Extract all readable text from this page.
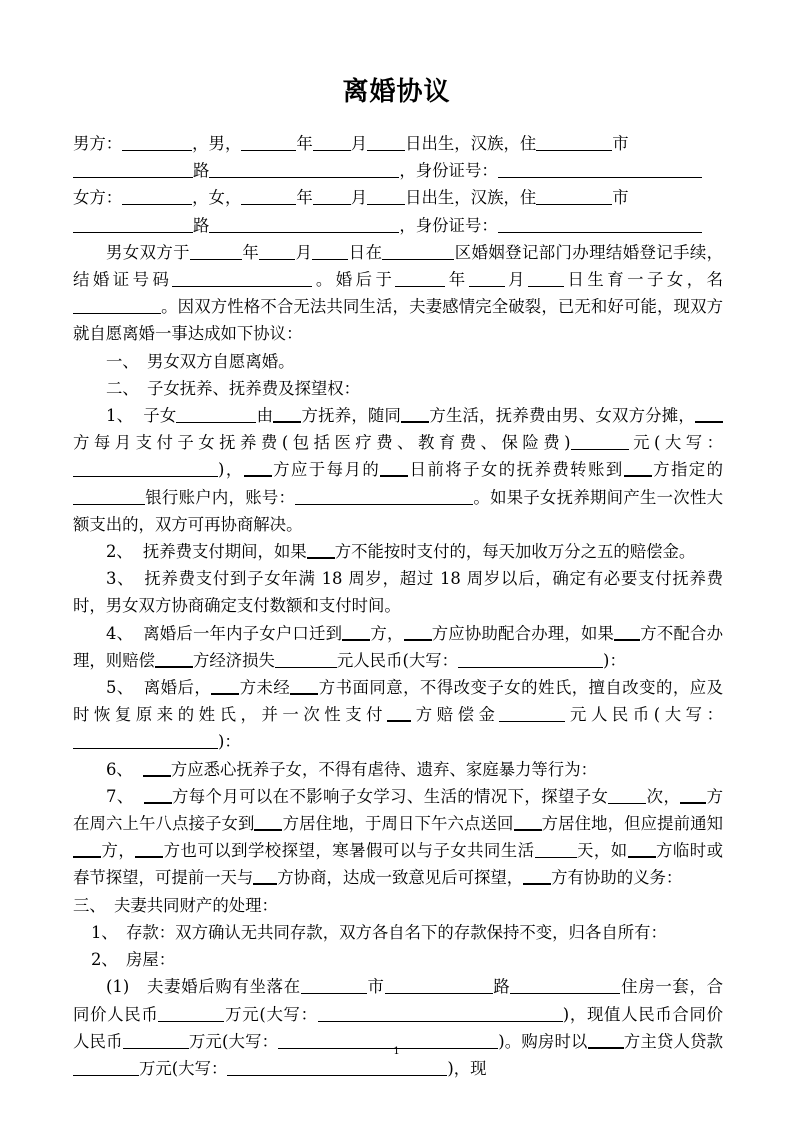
离婚协议

男方：	，男，	年 月 日出生，汉族，住	市
路	，身份证号：

女方：	，女，	年 月 日出生，汉族，住	市
路	，身份证号：

男女双方于	年 月 日在	区婚姻登记部门办理结婚登记手续，结婚证号码	。婚后于	年 月 日生育一子女，名。因双方性格不合无法共同生活，夫妻感情完全破裂，已无和好可能，现双方就自愿离婚一事达成如下协议：

一、　男女双方自愿离婚。

二、　子女抚养、抚养费及探望权：

1、 子女	由 方抚养，随同 方生活，抚养费由男、女双方分摊，方每月支付子女抚养费(包括医疗费、教育费、保险费)	元(大写：)， 方应于每月的 日前将子女的抚养费转账到 方指定的银行账户内，账号：	。如果子女抚养期间产生一次性大额支出的，双方可再协商解决。

2、 抚养费支付期间，如果 方不能按时支付的，每天加收万分之五的赔偿金。

3、 抚养费支付到子女年满 18 周岁，超过 18 周岁以后，确定有必要支付抚养费时，男女双方协商确定支付数额和支付时间。

4、 离婚后一年内子女户口迁到 方， 方应协助配合办理，如果 方不配合办理，则赔偿 方经济损失	元人民币(大写：	)：

5、 离婚后， 方未经 方书面同意，不得改变子女的姓氏，擅自改变的，应及时恢复原来的姓氏，并一次性支付 方赔偿金	元人民币(大写：)：

6、 方应悉心抚养子女，不得有虐待、遗弃、家庭暴力等行为：

7、 方每个月可以在不影响子女学习、生活的情况下，探望子女 次， 方在周六上午八点接子女到 方居住地，于周日下午六点送回 方居住地，但应提前通知方， 方也可以到学校探望，寒暑假可以与子女共同生活	天，如 方临时或春节探望，可提前一天与 方协商，达成一致意见后可探望， 方有协助的义务：

三、　夫妻共同财产的处理：

1、　存款：双方确认无共同存款，双方各自名下的存款保持不变，归各自所有：

2、　房屋：

(1)　夫妻婚后购有坐落在	市	路	住房一套，合同价人民币	万元(大写：	)，现值人民币合同价人民币	万元(大写：	)。购房时以 方主贷人贷款万元(大写：	)，现

1
